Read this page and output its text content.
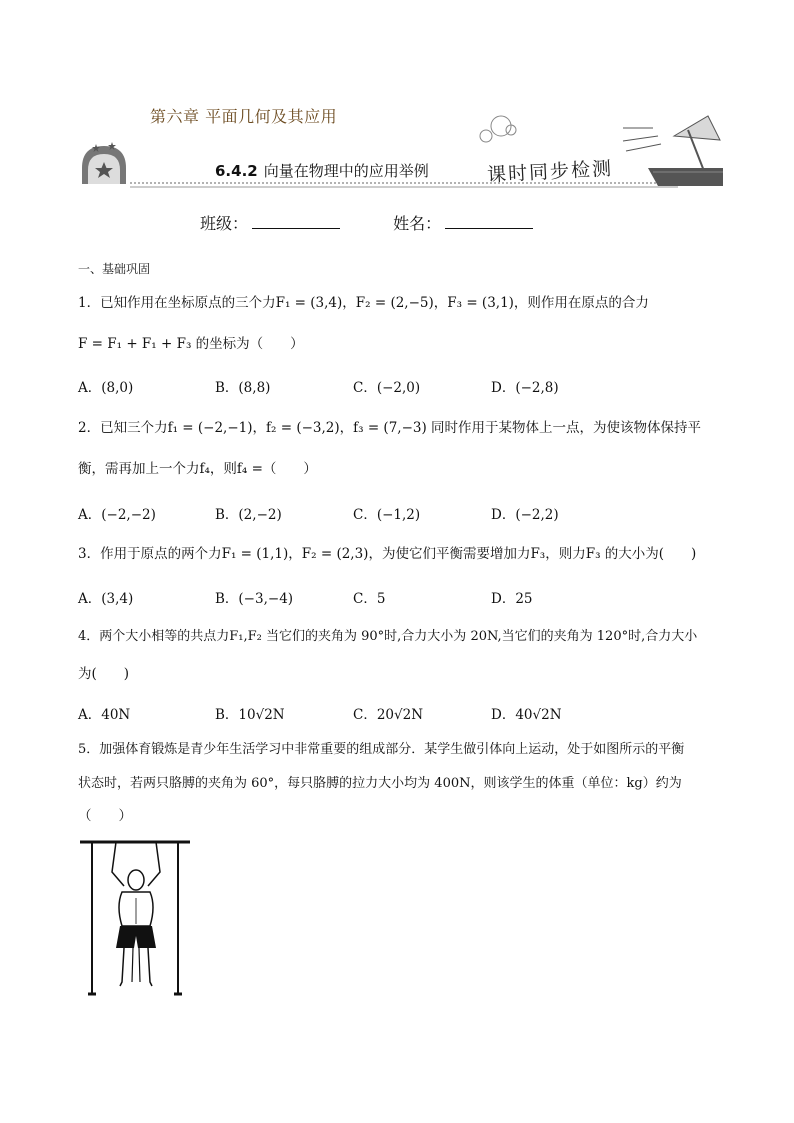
第六章 平面几何及其应用
6.4.2 向量在物理中的应用举例	课时同步检测
班级：	姓名：
一、基础巩固
1．已知作用在坐标原点的三个力F₁ = (3,4)，F₂ = (2,−5)，F₃ = (3,1)，则作用在原点的合力
F = F₁ + F₁ + F₃ 的坐标为（　　）
A．(8,0)	B．(8,8)	C．(−2,0)	D．(−2,8)
2．已知三个力f₁ = (−2,−1)，f₂ = (−3,2)，f₃ = (7,−3) 同时作用于某物体上一点，为使该物体保持平
衡，需再加上一个力f₄，则f₄ =（　　）
A．(−2,−2)	B．(2,−2)	C．(−1,2)	D．(−2,2)
3．作用于原点的两个力F₁ = (1,1)，F₂ = (2,3)，为使它们平衡需要增加力F₃，则力F₃ 的大小为(　　)
A．(3,4)	B．(−3,−4)	C．5	D．25
4．两个大小相等的共点力F₁,F₂ 当它们的夹角为 90°时,合力大小为 20N,当它们的夹角为 120°时,合力大小
为(　　)
A．40N	B．10√2N	C．20√2N	D．40√2N
5．加强体育锻炼是青少年生活学习中非常重要的组成部分．某学生做引体向上运动，处于如图所示的平衡
状态时，若两只胳膊的夹角为 60°，每只胳膊的拉力大小均为 400N，则该学生的体重（单位：kg）约为
（　　）
